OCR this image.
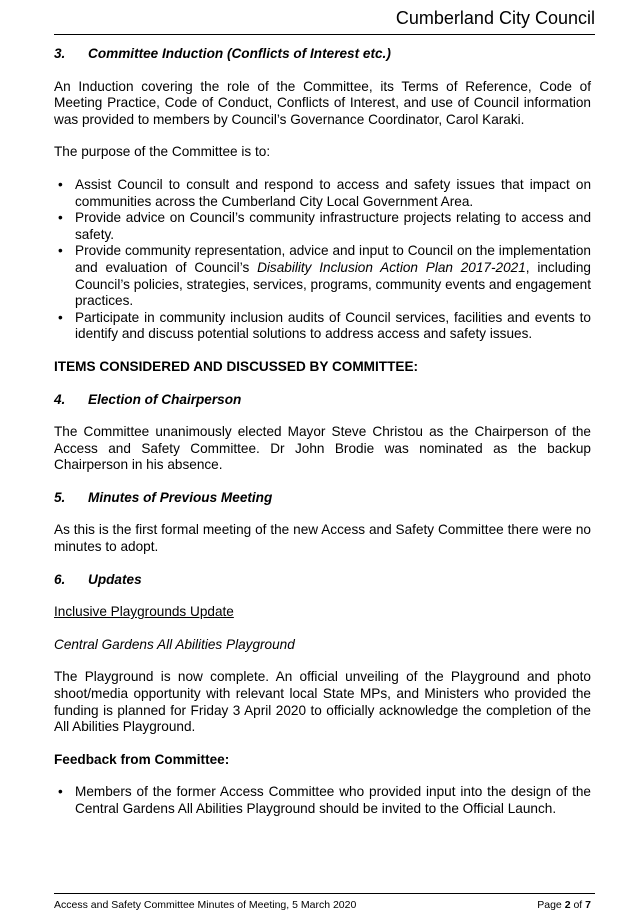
Cumberland City Council
3.	Committee Induction (Conflicts of Interest etc.)

An Induction covering the role of the Committee, its Terms of Reference, Code of Meeting Practice, Code of Conduct, Conflicts of Interest, and use of Council information was provided to members by Council’s Governance Coordinator, Carol Karaki.

The purpose of the Committee is to:

• Assist Council to consult and respond to access and safety issues that impact on communities across the Cumberland City Local Government Area.
• Provide advice on Council’s community infrastructure projects relating to access and safety.
• Provide community representation, advice and input to Council on the implementation and evaluation of Council’s Disability Inclusion Action Plan 2017-2021, including Council’s policies, strategies, services, programs, community events and engagement practices.
• Participate in community inclusion audits of Council services, facilities and events to identify and discuss potential solutions to address access and safety issues.

ITEMS CONSIDERED AND DISCUSSED BY COMMITTEE:

4.	Election of Chairperson

The Committee unanimously elected Mayor Steve Christou as the Chairperson of the Access and Safety Committee. Dr John Brodie was nominated as the backup Chairperson in his absence.

5.	Minutes of Previous Meeting

As this is the first formal meeting of the new Access and Safety Committee there were no minutes to adopt.

6.	Updates

Inclusive Playgrounds Update

Central Gardens All Abilities Playground

The Playground is now complete. An official unveiling of the Playground and photo shoot/media opportunity with relevant local State MPs, and Ministers who provided the funding is planned for Friday 3 April 2020 to officially acknowledge the completion of the All Abilities Playground.

Feedback from Committee:

• Members of the former Access Committee who provided input into the design of the Central Gardens All Abilities Playground should be invited to the Official Launch.
Access and Safety Committee Minutes of Meeting, 5 March 2020	Page 2 of 7
